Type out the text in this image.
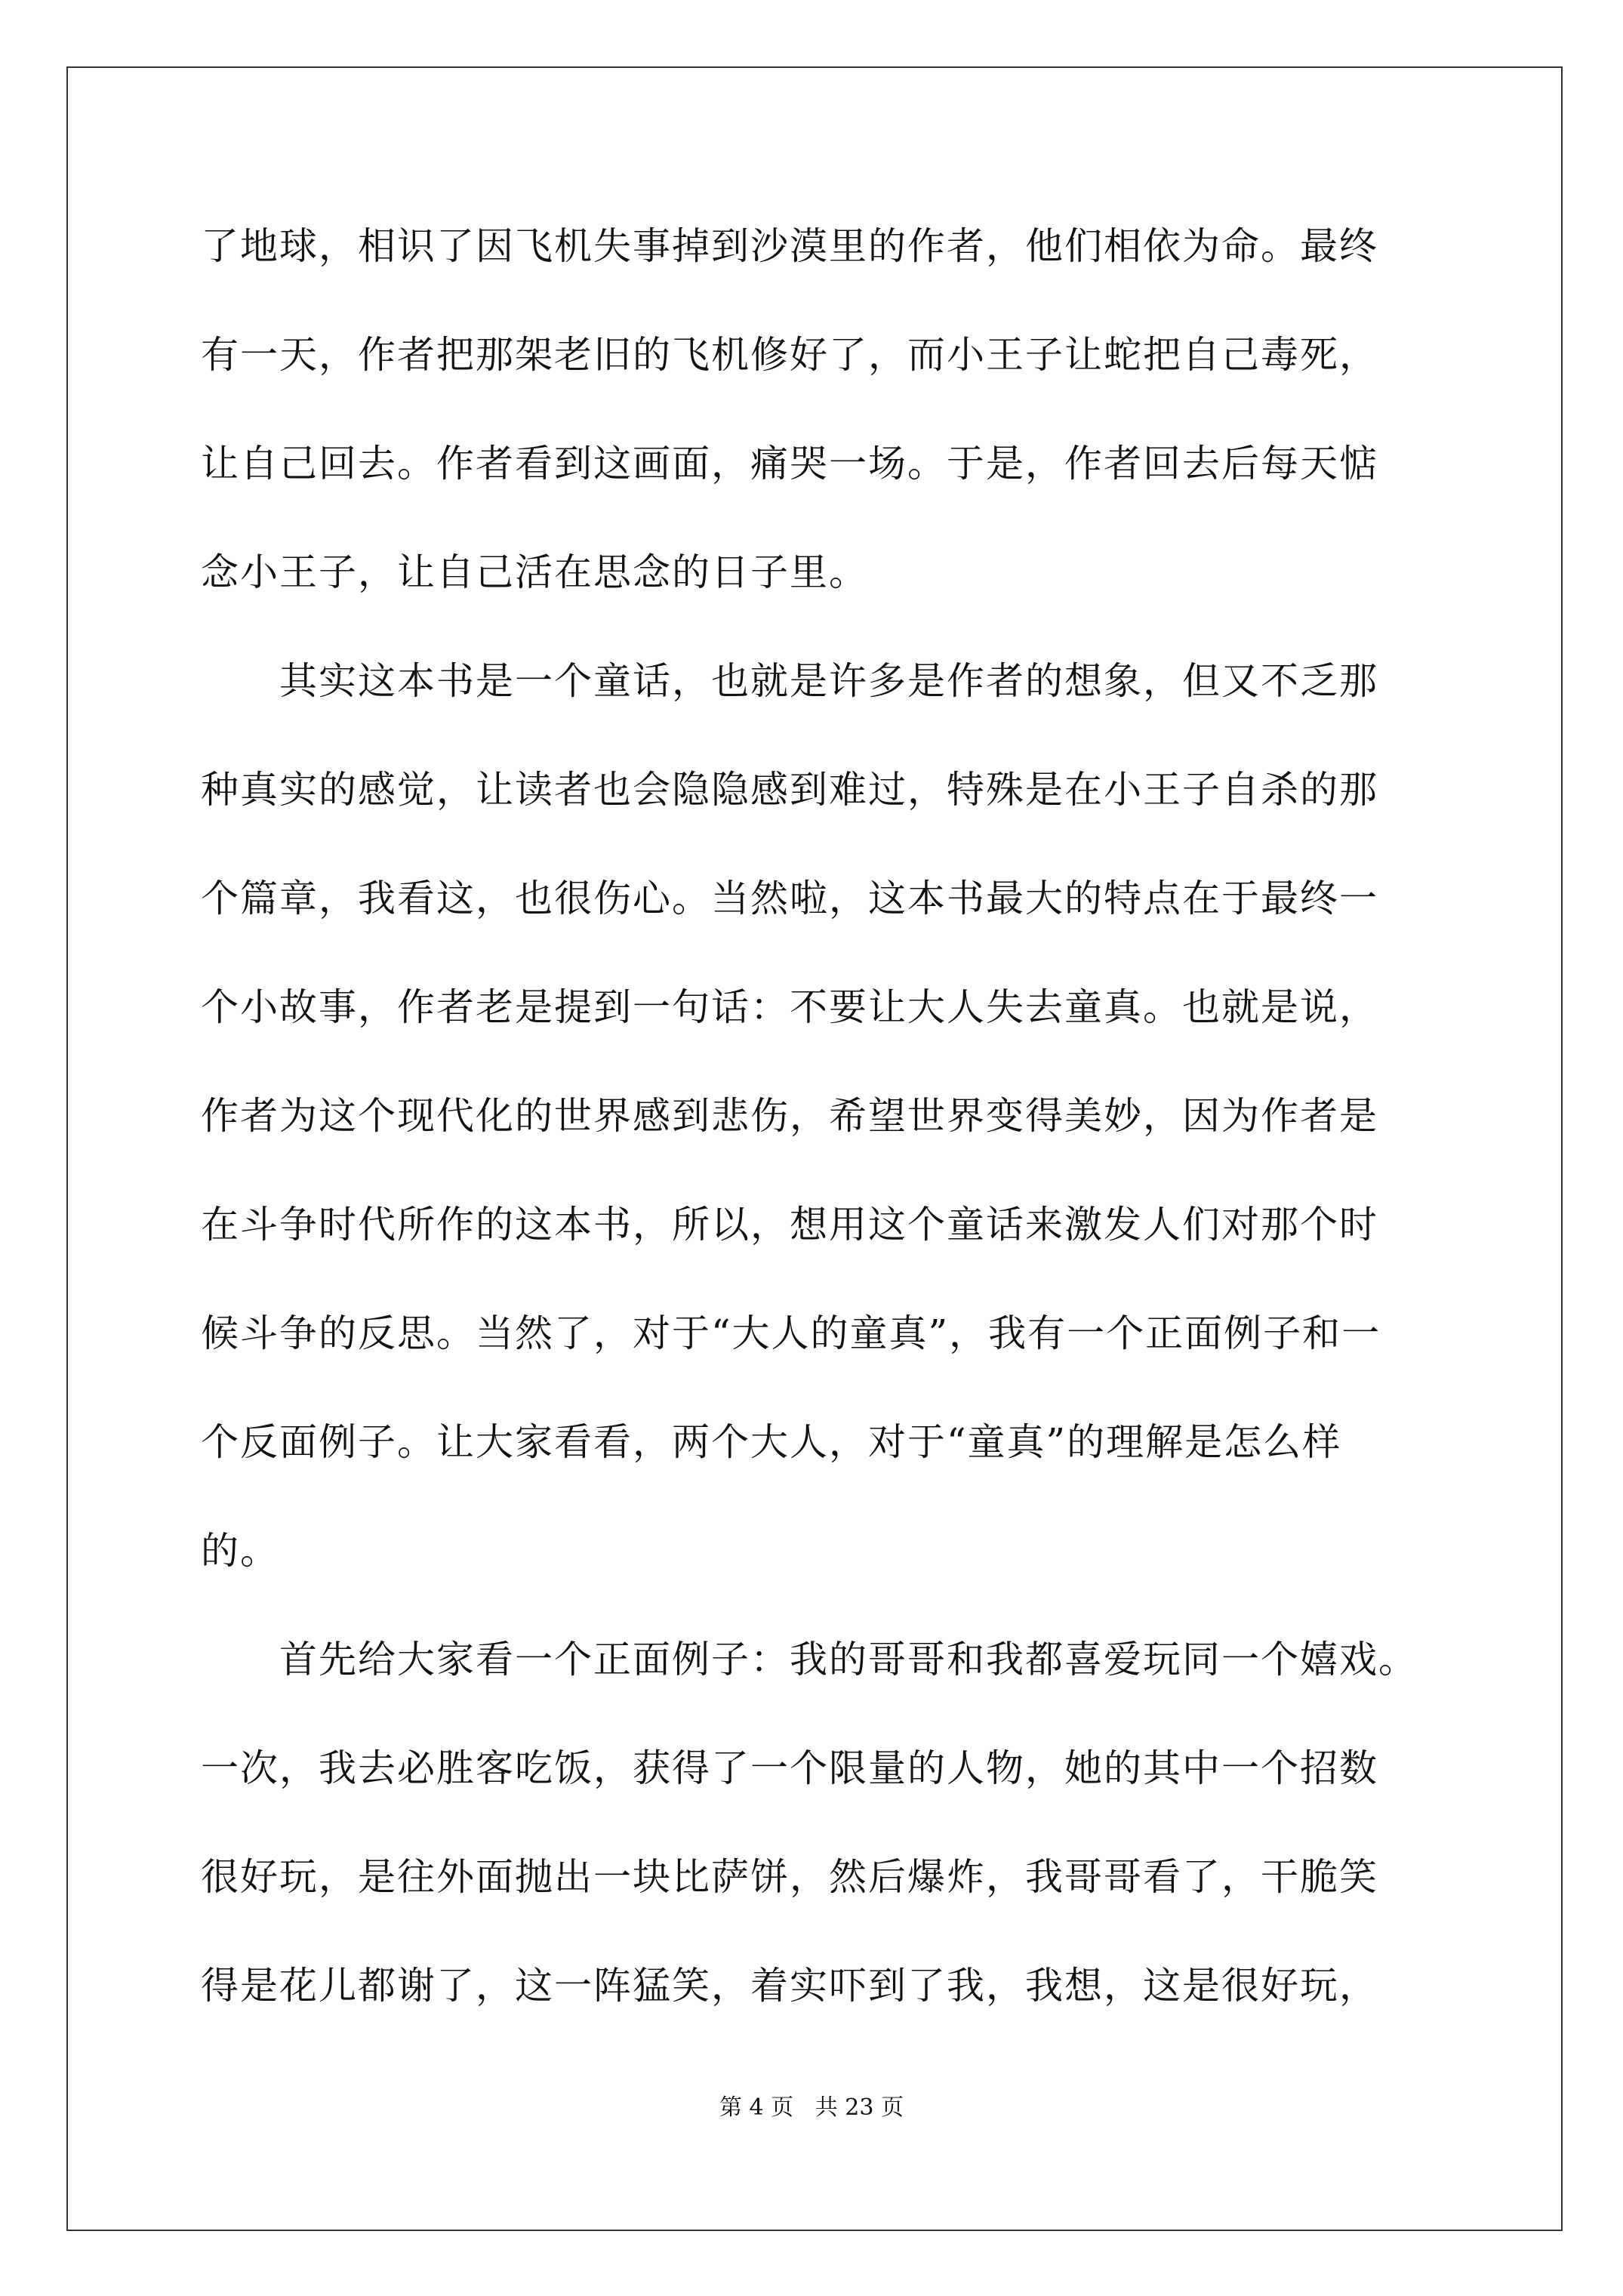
了地球，相识了因飞机失事掉到沙漠里的作者，他们相依为命。最终
有一天，作者把那架老旧的飞机修好了，而小王子让蛇把自己毒死，
让自己回去。作者看到这画面，痛哭一场。于是，作者回去后每天惦
念小王子，让自己活在思念的日子里。
其实这本书是一个童话，也就是许多是作者的想象，但又不乏那
种真实的感觉，让读者也会隐隐感到难过，特殊是在小王子自杀的那
个篇章，我看这，也很伤心。当然啦，这本书最大的特点在于最终一
个小故事，作者老是提到一句话：不要让大人失去童真。也就是说，
作者为这个现代化的世界感到悲伤，希望世界变得美妙，因为作者是
在斗争时代所作的这本书，所以，想用这个童话来激发人们对那个时
候斗争的反思。当然了，对于“大人的童真”，我有一个正面例子和一
个反面例子。让大家看看，两个大人，对于“童真”的理解是怎么样
的。
首先给大家看一个正面例子：我的哥哥和我都喜爱玩同一个嬉戏。
一次，我去必胜客吃饭，获得了一个限量的人物，她的其中一个招数
很好玩，是往外面抛出一块比萨饼，然后爆炸，我哥哥看了，干脆笑
得是花儿都谢了，这一阵猛笑，着实吓到了我，我想，这是很好玩，
第 4 页   共 23 页
